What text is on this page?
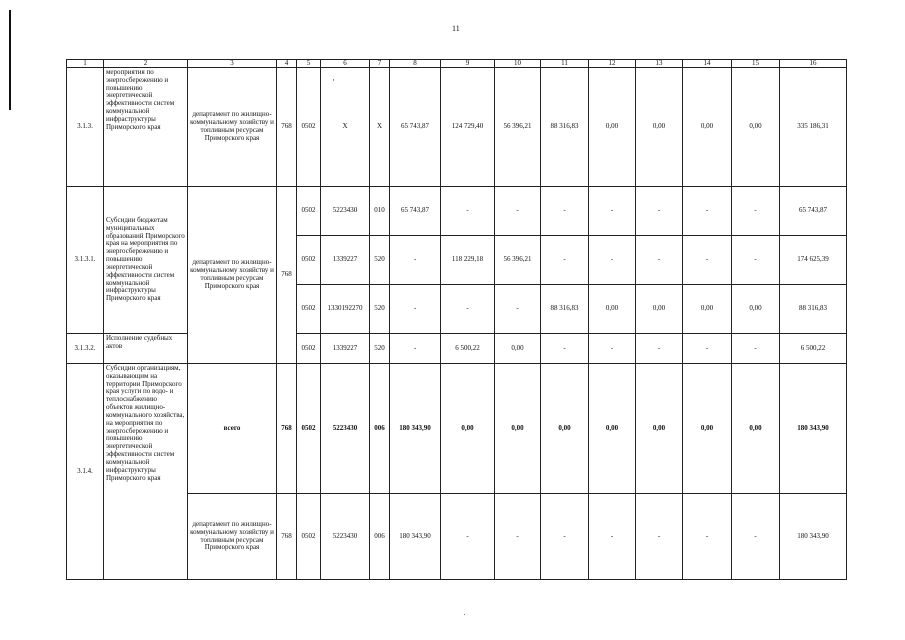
11
·
1	2	3	4	5	6	7	8	9	10	11	12	13	14	15	16
3.1.3.	мероприятия по энергосбережению и повышению энергетической эффективности систем коммунальной инфраструктуры Приморского края	департамент по жилищно-коммунальному хозяйству и топливным ресурсам Приморского края	768	0502	Х	Х	65 743,87	124 729,40	56 396,21	88 316,83	0,00	0,00	0,00	0,00	335 186,31
3.1.3.1.	Субсидии бюджетам муниципальных образований Приморского края на мероприятия по энергосбережению и повышению энергетической эффективности систем коммунальной инфраструктуры Приморского края	департамент по жилищно-коммунальному хозяйству и топливным ресурсам Приморского края	768	0502	5223430	010	65 743,87	-	-	-	-	-	-	-	65 743,87
				0502	1339227	520	-	118 229,18	56 396,21	-	-	-	-	-	174 625,39
				0502	1330192270	520	-	-	-	88 316,83	0,00	0,00	0,00	0,00	88 316,83
3.1.3.2.	Исполнение судебных актов			0502	1339227	520	-	6 500,22	0,00	-	-	-	-	-	6 500,22
3.1.4.	Субсидии организациям, оказывающим на территории Приморского края услуги по водо- и теплоснабжению объектов жилищно-коммунального хозяйства, на мероприятия по энергосбережению и повышению энергетической эффективности систем коммунальной инфраструктуры Приморского края	всего	768	0502	5223430	006	180 343,90	0,00	0,00	0,00	0,00	0,00	0,00	0,00	180 343,90
		департамент по жилищно-коммунальному хозяйству и топливным ресурсам Приморского края	768	0502	5223430	006	180 343,90	-	-	-	-	-	-	-	180 343,90
